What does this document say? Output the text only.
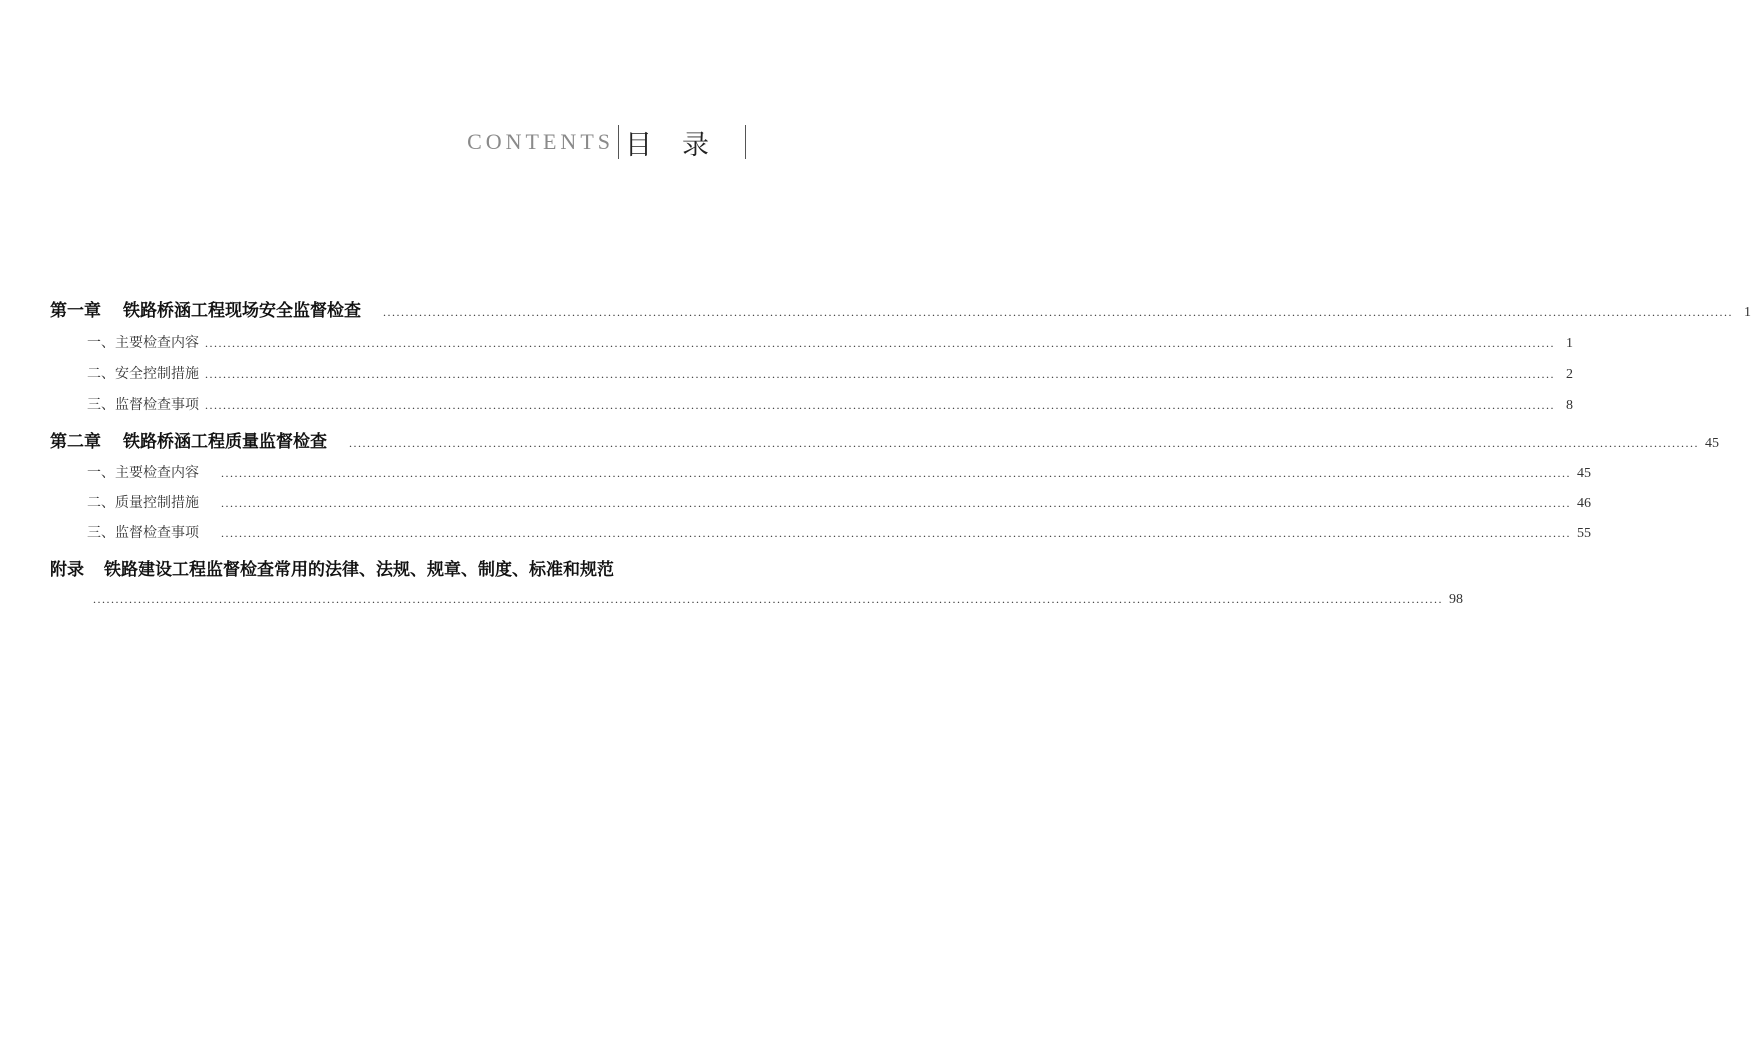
CONTENTS 目录
第一章 铁路桥涵工程现场安全监督检查 ............................................................................................................................................................................................................................................................................................................ 1
一、主要检查内容 ............................................................................................................................................................................................................................................................................................................ 1
二、安全控制措施 ............................................................................................................................................................................................................................................................................................................ 2
三、监督检查事项 ............................................................................................................................................................................................................................................................................................................ 8
第二章 铁路桥涵工程质量监督检查 ............................................................................................................................................................................................................................................................................................................ 45
一、主要检查内容 ............................................................................................................................................................................................................................................................................................................ 45
二、质量控制措施 ............................................................................................................................................................................................................................................................................................................ 46
三、监督检查事项 ............................................................................................................................................................................................................................................................................................................ 55
附录 铁路建设工程监督检查常用的法律、法规、规章、制度、标准和规范
............................................................................................................................................................................................................................................................................................................ 98
